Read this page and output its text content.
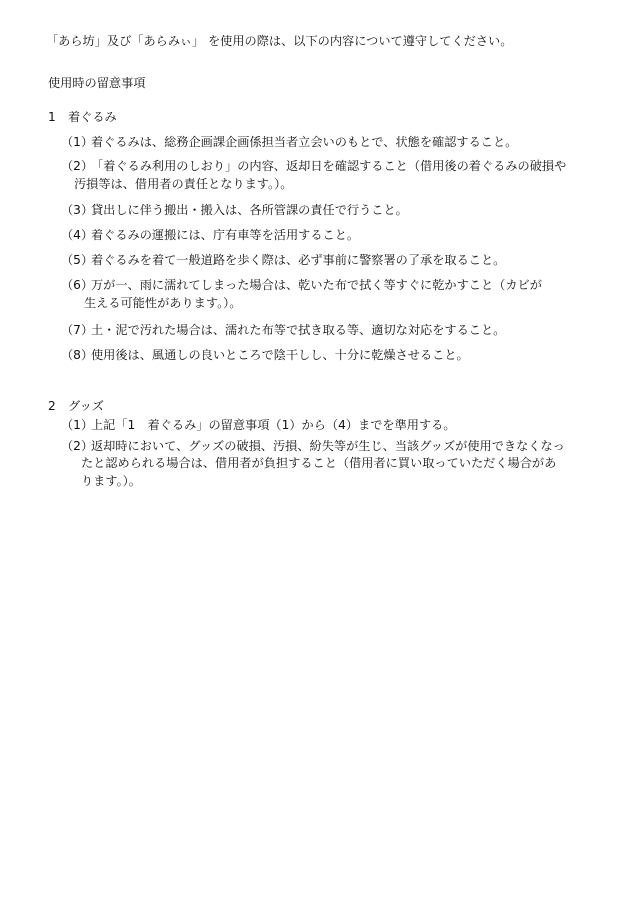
「あら坊」及び「あらみぃ」 を使用の際は、以下の内容について遵守してください。
使用時の留意事項
1 着ぐるみ
（1）
着ぐるみは、総務企画課企画係担当者立会いのもとで、状態を確認すること。
（2）
「着ぐるみ利用のしおり」の内容、返却日を確認すること（借用後の着ぐるみの破損や
汚損等は、借用者の責任となります。）。
（3）
貸出しに伴う搬出・搬入は、各所管課の責任で行うこと。
（4）
着ぐるみの運搬には、庁有車等を活用すること。
（5）
着ぐるみを着て一般道路を歩く際は、必ず事前に警察署の了承を取ること。
（6）
万が一、雨に濡れてしまった場合は、乾いた布で拭く等すぐに乾かすこと（カビが
生える可能性があります。）。
（7）
土・泥で汚れた場合は、濡れた布等で拭き取る等、適切な対応をすること。
（8）
使用後は、風通しの良いところで陰干しし、十分に乾燥させること。
2 グッズ
（1）
上記「1　着ぐるみ」の留意事項（1）から（4）までを準用する。
（2）
返却時において、グッズの破損、汚損、紛失等が生じ、当該グッズが使用できなくなっ
たと認められる場合は、借用者が負担すること（借用者に買い取っていただく場合があ
ります。）。
